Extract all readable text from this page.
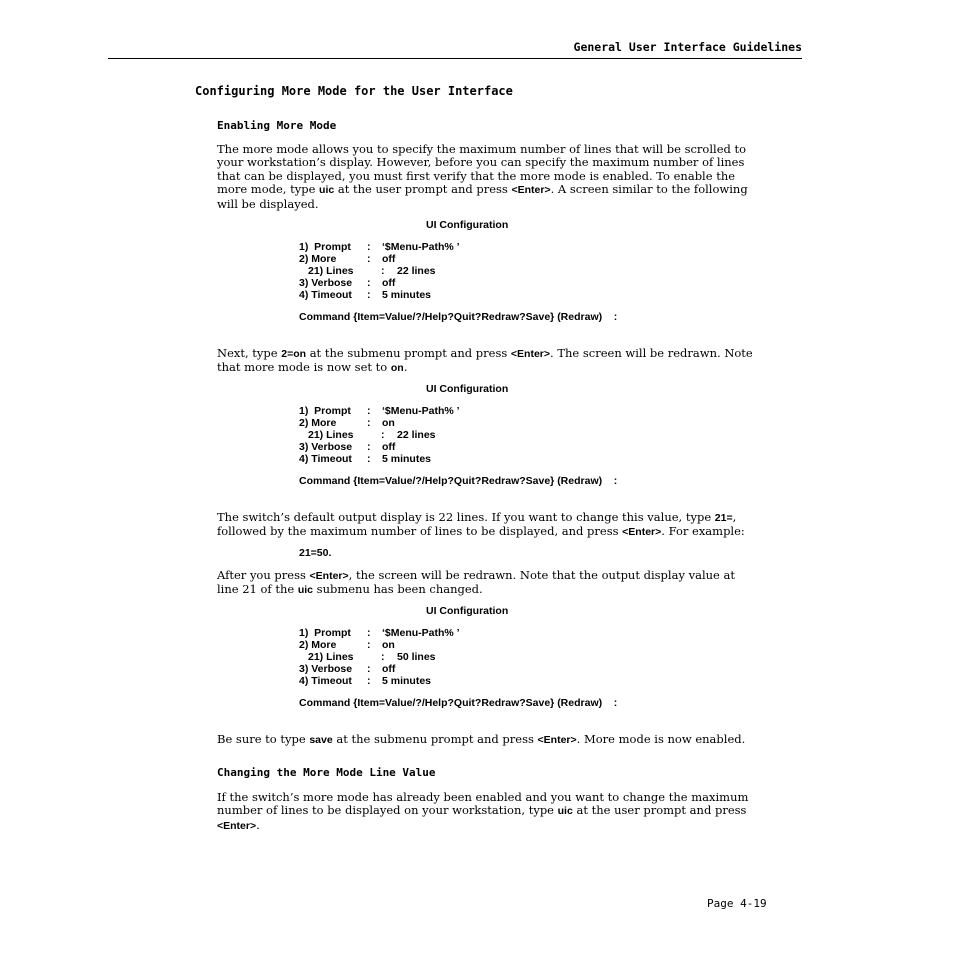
General User Interface Guidelines
Configuring More Mode for the User Interface
Enabling More Mode

The more mode allows you to specify the maximum number of lines that will be scrolled to your workstation’s display. However, before you can specify the maximum number of lines that can be displayed, you must first verify that the more mode is enabled. To enable the more mode, type uic at the user prompt and press <Enter>. A screen similar to the following will be displayed.

UI Configuration
1)  Prompt : ‘$Menu-Path% ’
2) More	: off
21) Lines	: 22 lines
3) Verbose : off
4) Timeout : 5 minutes
Command {Item=Value/?/Help?Quit?Redraw?Save} (Redraw)    :

Next, type 2=on at the submenu prompt and press <Enter>. The screen will be redrawn. Note that more mode is now set to on.

UI Configuration
1)  Prompt : ‘$Menu-Path% ’
2) More	: on
21) Lines	: 22 lines
3) Verbose : off
4) Timeout : 5 minutes
Command {Item=Value/?/Help?Quit?Redraw?Save} (Redraw)    :

The switch’s default output display is 22 lines. If you want to change this value, type 21=, followed by the maximum number of lines to be displayed, and press <Enter>. For example:

21=50.

After you press <Enter>, the screen will be redrawn. Note that the output display value at line 21 of the uic submenu has been changed.

UI Configuration
1)  Prompt : ‘$Menu-Path% ’
2) More	: on
21) Lines	: 50 lines
3) Verbose : off
4) Timeout : 5 minutes
Command {Item=Value/?/Help?Quit?Redraw?Save} (Redraw)    :

Be sure to type save at the submenu prompt and press <Enter>. More mode is now enabled.

Changing the More Mode Line Value

If the switch’s more mode has already been enabled and you want to change the maximum number of lines to be displayed on your workstation, type uic at the user prompt and press <Enter>.

Page 4-19
